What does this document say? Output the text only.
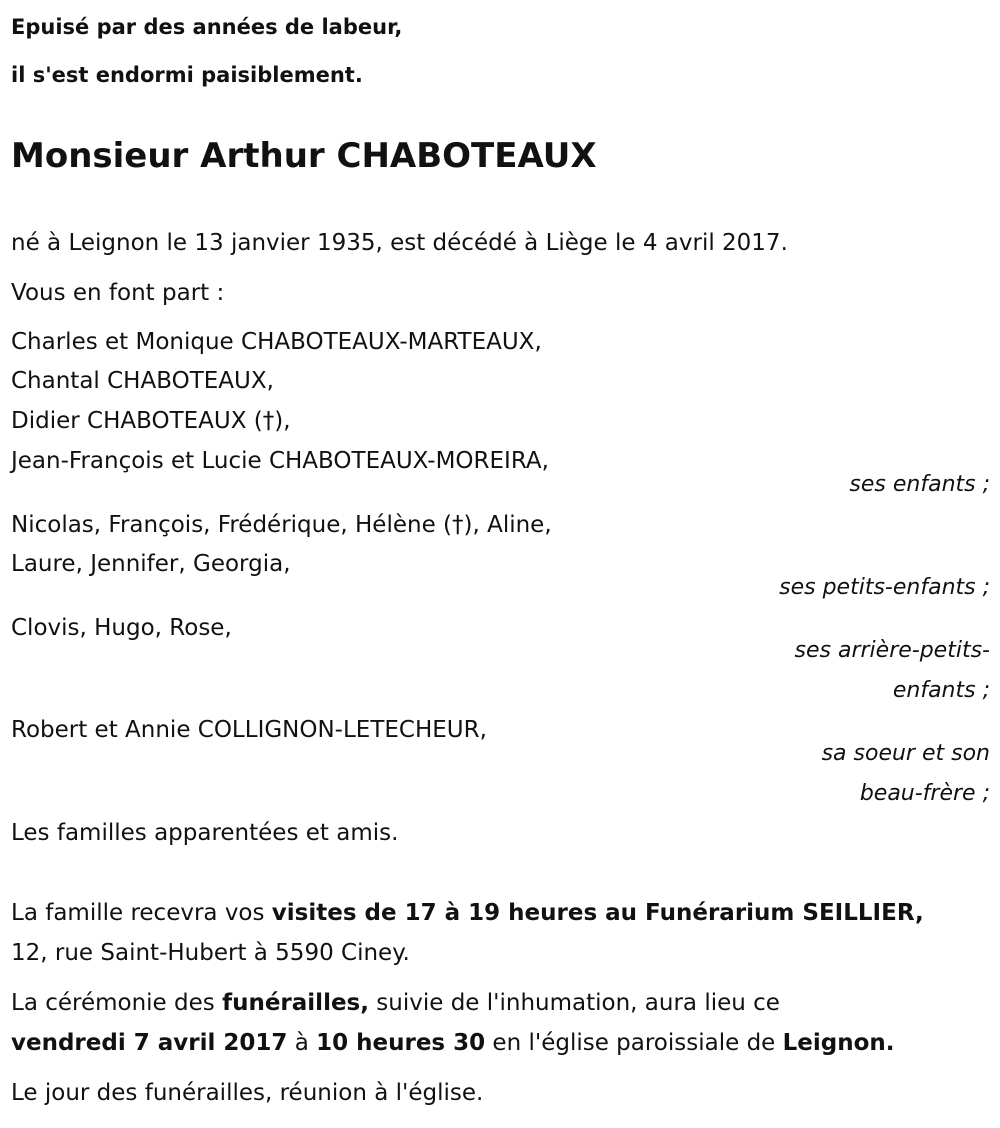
Epuisé par des années de labeur,
il s'est endormi paisiblement.
Monsieur Arthur CHABOTEAUX
né à Leignon le 13 janvier 1935, est décédé à Liège le 4 avril 2017.
Vous en font part :
Charles et Monique CHABOTEAUX-MARTEAUX,
Chantal CHABOTEAUX,
Didier CHABOTEAUX (†),
Jean-François et Lucie CHABOTEAUX-MOREIRA,
ses enfants ;
Nicolas, François, Frédérique, Hélène (†), Aline,
Laure, Jennifer, Georgia,
ses petits-enfants ;
Clovis, Hugo, Rose,
ses arrière-petits-
enfants ;
Robert et Annie COLLIGNON-LETECHEUR,
sa soeur et son
beau-frère ;
Les familles apparentées et amis.
La famille recevra vos visites de 17 à 19 heures au Funérarium SEILLIER,
12, rue Saint-Hubert à 5590 Ciney.
La cérémonie des funérailles, suivie de l'inhumation, aura lieu ce
vendredi 7 avril 2017 à 10 heures 30 en l'église paroissiale de Leignon.
Le jour des funérailles, réunion à l'église.
